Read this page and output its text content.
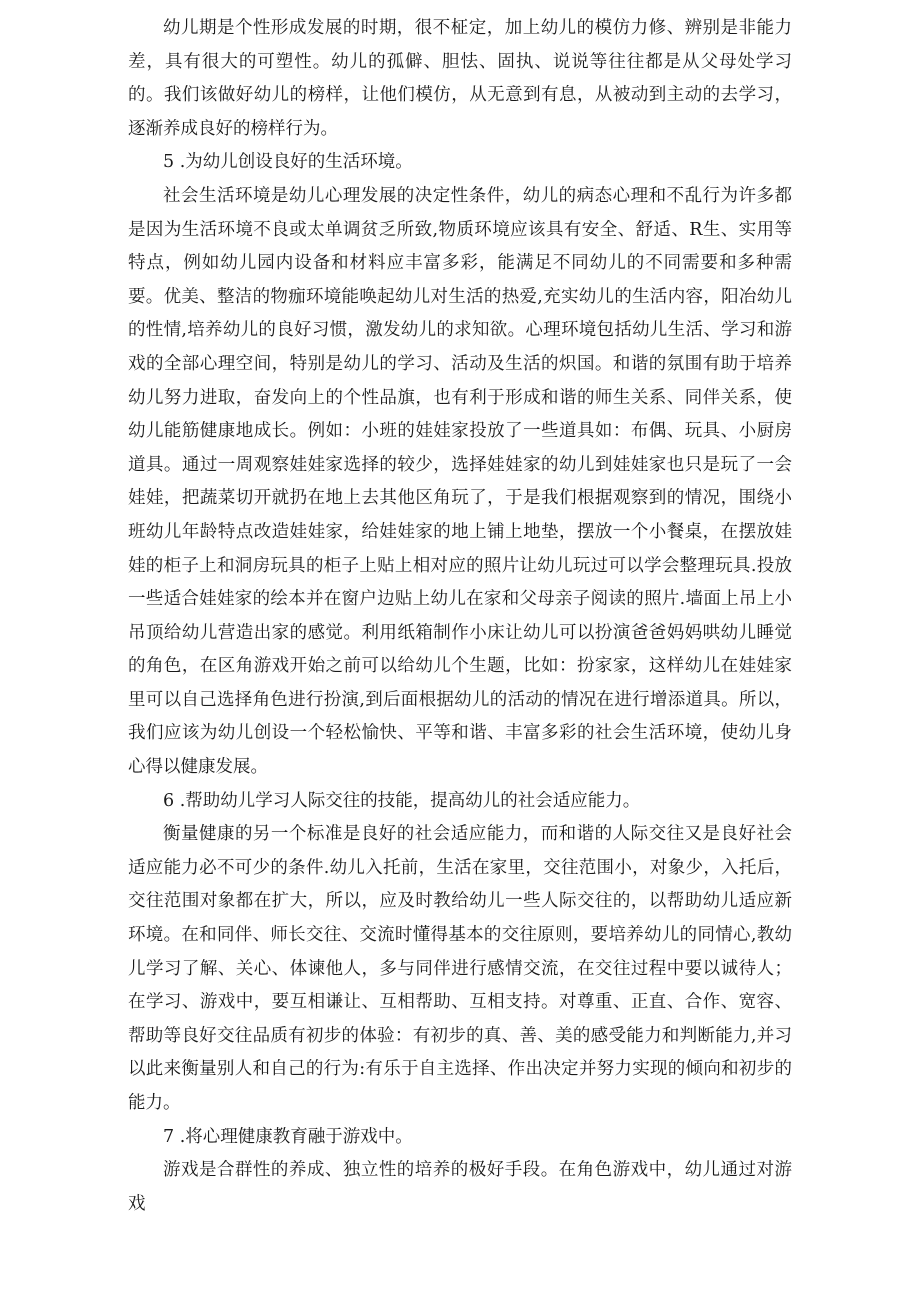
幼儿期是个性形成发展的时期，很不柾定，加上幼儿的模仿力修、辨别是非能力差，具有很大的可塑性。幼儿的孤僻、胆怯、固执、说说等往往都是从父母处学习的。我们该做好幼儿的榜样，让他们模仿，从无意到有息，从被动到主动的去学习，逐渐养成良好的榜样行为。

5 .为幼儿创设良好的生活环境。

社会生活环境是幼儿心理发展的决定性条件，幼儿的病态心理和不乱行为许多都是因为生活环境不良或太单调贫乏所致,物质环境应该具有安全、舒适、R生、实用等特点，例如幼儿园内设备和材料应丰富多彩，能满足不同幼儿的不同需要和多种需要。优美、整洁的物痂环境能唤起幼儿对生活的热爱,充实幼儿的生活内容，阳冶幼儿的性情,培养幼儿的良好习惯，激发幼儿的求知欲。心理环境包括幼儿生活、学习和游戏的全部心理空间，特别是幼儿的学习、活动及生活的炽国。和谐的氛围有助于培养幼儿努力进取，奋发向上的个性品旗，也有利于形成和谐的师生关系、同伴关系，使幼儿能筋健康地成长。例如：小班的娃娃家投放了一些道具如：布偶、玩具、小厨房道具。通过一周观察娃娃家选择的较少，选择娃娃家的幼儿到娃娃家也只是玩了一会娃娃，把蔬菜切开就扔在地上去其他区角玩了，于是我们根据观察到的情况，围绕小班幼儿年龄特点改造娃娃家，给娃娃家的地上铺上地垫，摆放一个小餐桌，在摆放娃娃的柜子上和洞房玩具的柜子上贴上相对应的照片让幼儿玩过可以学会整理玩具.投放一些适合娃娃家的绘本并在窗户边贴上幼儿在家和父母亲子阅读的照片.墙面上吊上小吊顶给幼儿营造出家的感觉。利用纸箱制作小床让幼儿可以扮演爸爸妈妈哄幼儿睡觉的角色，在区角游戏开始之前可以给幼儿个生题，比如：扮家家，这样幼儿在娃娃家里可以自己选择角色进行扮演,到后面根据幼儿的活动的情况在进行增添道具。所以，我们应该为幼儿创设一个轻松愉快、平等和谐、丰富多彩的社会生活环境，使幼儿身心得以健康发展。

6 .帮助幼儿学习人际交往的技能，提高幼儿的社会适应能力。

衡量健康的另一个标准是良好的社会适应能力，而和谐的人际交往又是良好社会适应能力必不可少的条件.幼儿入托前，生活在家里，交往范围小，对象少，入托后，交往范围对象都在扩大，所以，应及时教给幼儿一些人际交往的，以帮助幼儿适应新环境。在和同伴、师长交往、交流时懂得基本的交往原则，要培养幼儿的同情心,教幼儿学习了解、关心、体谏他人，多与同伴进行感情交流，在交往过程中要以诚待人；在学习、游戏中，要互相谦让、互相帮助、互相支持。对尊重、正直、合作、宽容、帮助等良好交往品质有初步的体验：有初步的真、善、美的感受能力和判断能力,并习以此来衡量别人和自己的行为:有乐于自主选择、作出决定并努力实现的倾向和初步的能力。

7 .将心理健康教育融于游戏中。

游戏是合群性的养成、独立性的培养的极好手段。在角色游戏中，幼儿通过对游戏
